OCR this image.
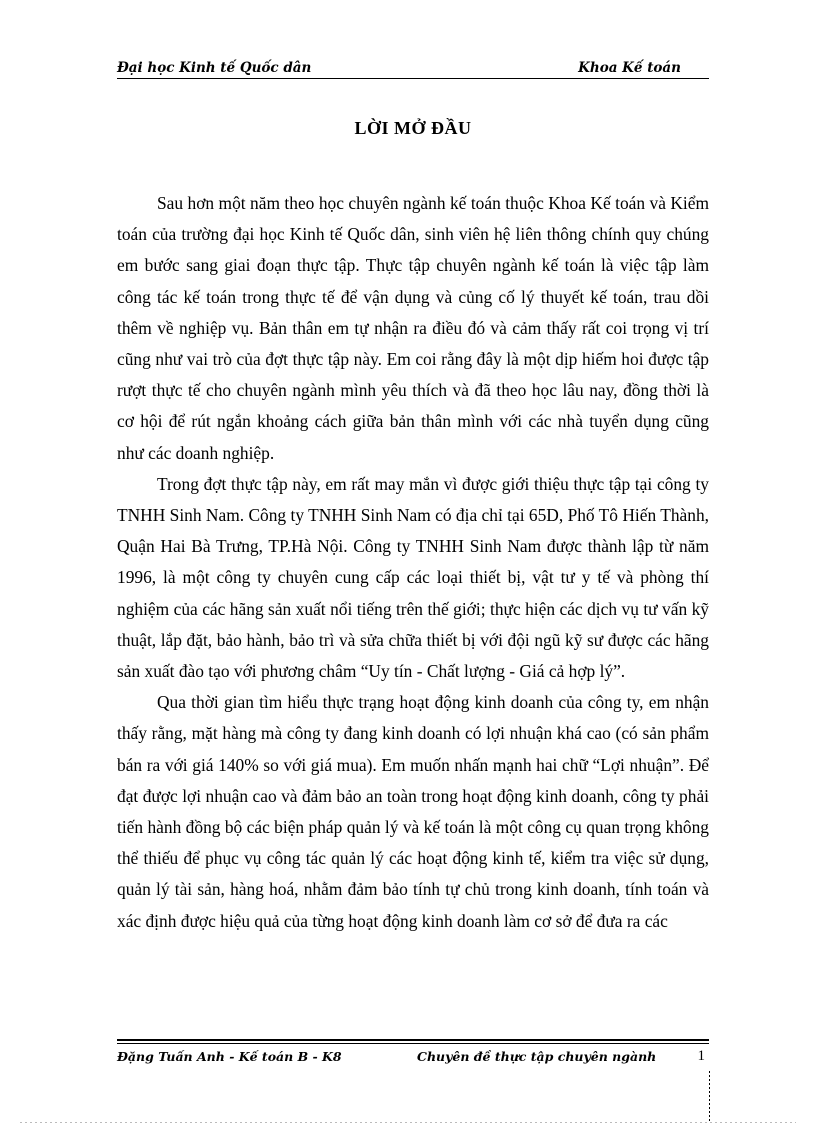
Đại học Kinh tế Quốc dân	Khoa Kế toán
LỜI MỞ ĐẦU

Sau hơn một năm theo học chuyên ngành kế toán thuộc Khoa Kế toán và Kiểm toán của trường đại học Kinh tế Quốc dân, sinh viên hệ liên thông chính quy chúng em bước sang giai đoạn thực tập. Thực tập chuyên ngành kế toán là việc tập làm công tác kế toán trong thực tế để vận dụng và củng cố lý thuyết kế toán, trau dồi thêm về nghiệp vụ. Bản thân em tự nhận ra điều đó và cảm thấy rất coi trọng vị trí cũng như vai trò của đợt thực tập này. Em coi rằng đây là một dịp hiếm hoi được tập rượt thực tế cho chuyên ngành mình yêu thích và đã theo học lâu nay, đồng thời là cơ hội để rút ngắn khoảng cách giữa bản thân mình với các nhà tuyển dụng cũng như các doanh nghiệp.

Trong đợt thực tập này, em rất may mắn vì được giới thiệu thực tập tại công ty TNHH Sinh Nam. Công ty TNHH Sinh Nam có địa chỉ tại 65D, Phố Tô Hiến Thành, Quận Hai Bà Trưng, TP.Hà Nội. Công ty TNHH Sinh Nam được thành lập từ năm 1996, là một công ty chuyên cung cấp các loại thiết bị, vật tư y tế và phòng thí nghiệm của các hãng sản xuất nổi tiếng trên thế giới; thực hiện các dịch vụ tư vấn kỹ thuật, lắp đặt, bảo hành, bảo trì và sửa chữa thiết bị với đội ngũ kỹ sư được các hãng sản xuất đào tạo với phương châm “Uy tín - Chất lượng - Giá cả hợp lý”.

Qua thời gian tìm hiểu thực trạng hoạt động kinh doanh của công ty, em nhận thấy rằng, mặt hàng mà công ty đang kinh doanh có lợi nhuận khá cao (có sản phẩm bán ra với giá 140% so với giá mua). Em muốn nhấn mạnh hai chữ “Lợi nhuận”. Để đạt được lợi nhuận cao và đảm bảo an toàn trong hoạt động kinh doanh, công ty phải tiến hành đồng bộ các biện pháp quản lý và kế toán là một công cụ quan trọng không thể thiếu để phục vụ công tác quản lý các hoạt động kinh tế, kiểm tra việc sử dụng, quản lý tài sản, hàng hoá, nhằm đảm bảo tính tự chủ trong kinh doanh, tính toán và xác định được hiệu quả của từng hoạt động kinh doanh làm cơ sở để đưa ra các

Đặng Tuấn Anh - Kế toán B - K8	Chuyên đề thực tập chuyên ngành	1
